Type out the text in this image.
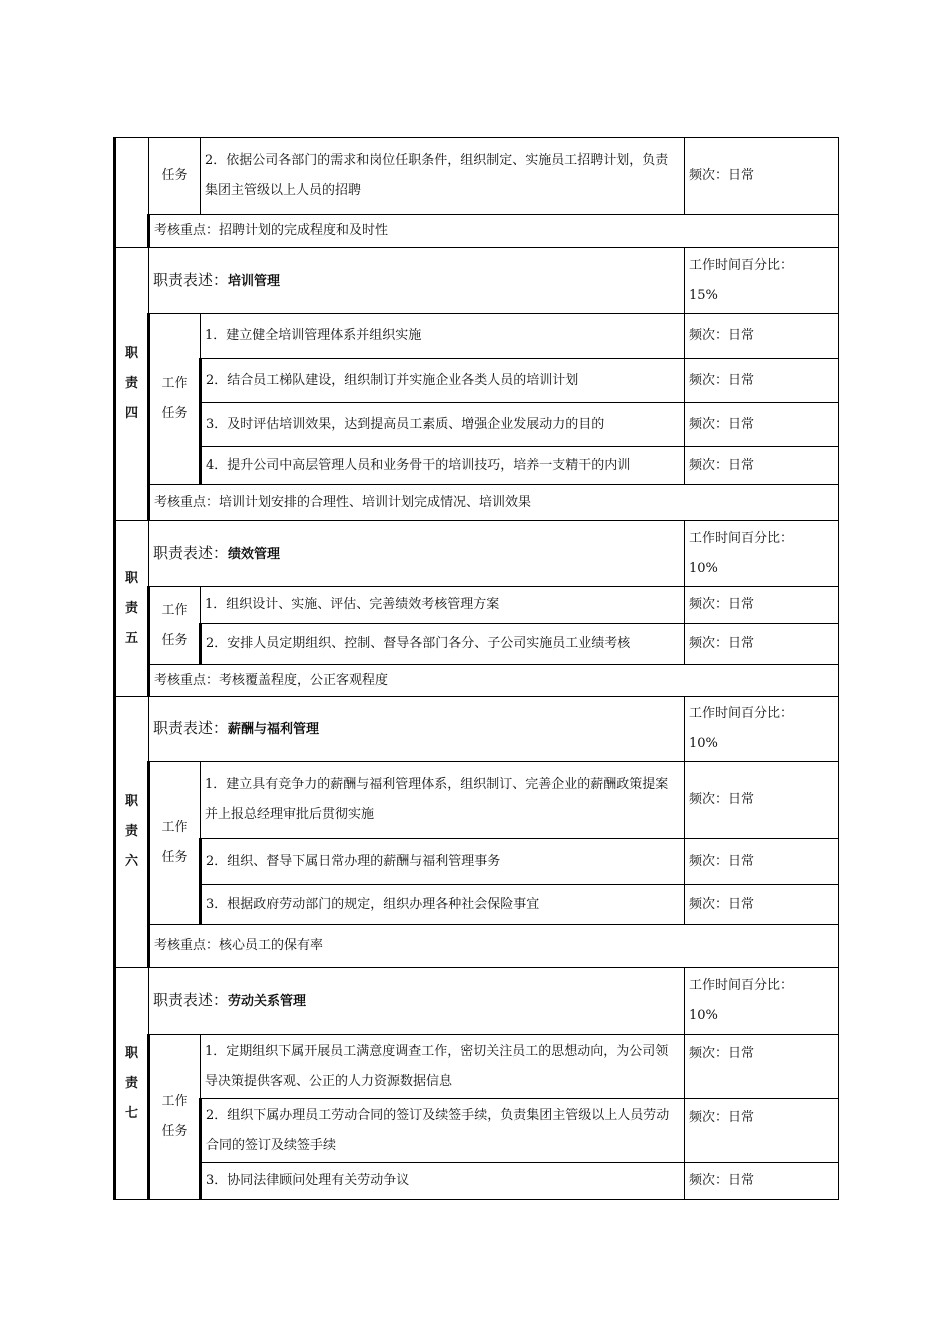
	任务	2．依据公司各部门的需求和岗位任职条件，组织制定、实施员工招聘计划，负责集团主管级以上人员的招聘	频次：日常
	考核重点：招聘计划的完成程度和及时性		

职
责
四	职责表述：培训管理		工作时间百分比：
15%

	工作
任务	1．建立健全培训管理体系并组织实施	频次：日常
		2．结合员工梯队建设，组织制订并实施企业各类人员的培训计划	频次：日常
		3．及时评估培训效果，达到提高员工素质、增强企业发展动力的目的	频次：日常
		4．提升公司中高层管理人员和业务骨干的培训技巧，培养一支精干的内训	频次：日常
	考核重点：培训计划安排的合理性、培训计划完成情况、培训效果		

职
责
五	职责表述：绩效管理		工作时间百分比：
10%

	工作
任务	1．组织设计、实施、评估、完善绩效考核管理方案	频次：日常
		2．安排人员定期组织、控制、督导各部门各分、子公司实施员工业绩考核	频次：日常
	考核重点：考核覆盖程度，公正客观程度		

职
责
六	职责表述：薪酬与福利管理		工作时间百分比：
10%

	工作
任务	1．建立具有竞争力的薪酬与福利管理体系，组织制订、完善企业的薪酬政策提案并上报总经理审批后贯彻实施	频次：日常
		2．组织、督导下属日常办理的薪酬与福利管理事务	频次：日常
		3．根据政府劳动部门的规定，组织办理各种社会保险事宜	频次：日常
	考核重点：核心员工的保有率		

职
责
七	职责表述：劳动关系管理		工作时间百分比：
10%

	工作
任务	1．定期组织下属开展员工满意度调查工作，密切关注员工的思想动向，为公司领导决策提供客观、公正的人力资源数据信息	频次：日常
		2．组织下属办理员工劳动合同的签订及续签手续，负责集团主管级以上人员劳动合同的签订及续签手续	频次：日常
		3．协同法律顾问处理有关劳动争议	频次：日常
